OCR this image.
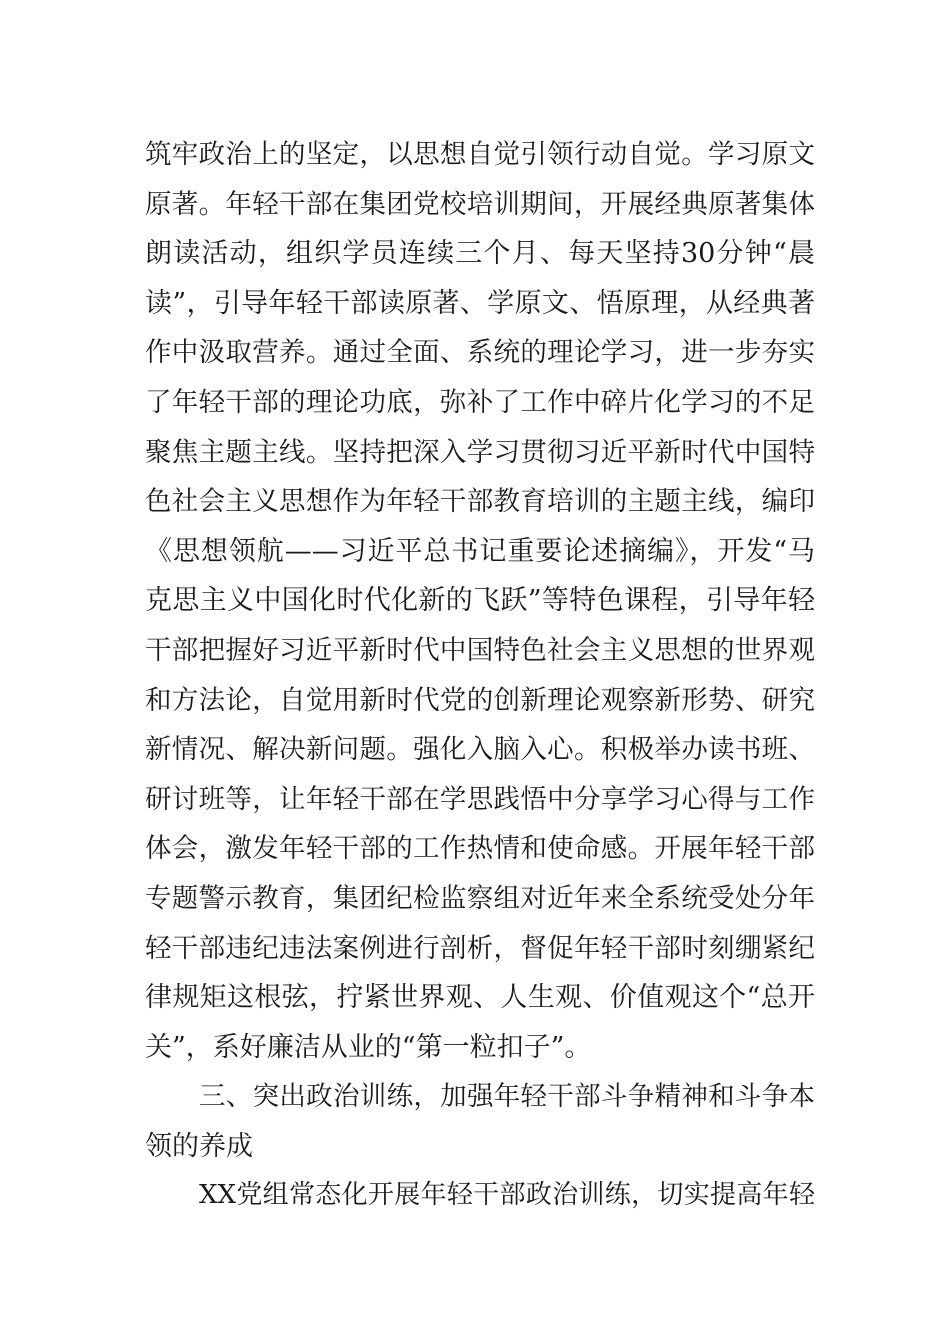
筑牢政治上的坚定，以思想自觉引领行动自觉。学习原文
原著。年轻干部在集团党校培训期间，开展经典原著集体
朗读活动，组织学员连续三个月、每天坚持30分钟“晨
读”，引导年轻干部读原著、学原文、悟原理，从经典著
作中汲取营养。通过全面、系统的理论学习，进一步夯实
了年轻干部的理论功底，弥补了工作中碎片化学习的不足
聚焦主题主线。坚持把深入学习贯彻习近平新时代中国特
色社会主义思想作为年轻干部教育培训的主题主线，编印
《思想领航——习近平总书记重要论述摘编》，开发“马
克思主义中国化时代化新的飞跃”等特色课程，引导年轻
干部把握好习近平新时代中国特色社会主义思想的世界观
和方法论，自觉用新时代党的创新理论观察新形势、研究
新情况、解决新问题。强化入脑入心。积极举办读书班、
研讨班等，让年轻干部在学思践悟中分享学习心得与工作
体会，激发年轻干部的工作热情和使命感。开展年轻干部
专题警示教育，集团纪检监察组对近年来全系统受处分年
轻干部违纪违法案例进行剖析，督促年轻干部时刻绷紧纪
律规矩这根弦，拧紧世界观、人生观、价值观这个“总开
关”，系好廉洁从业的“第一粒扣子”。
三、突出政治训练，加强年轻干部斗争精神和斗争本
领的养成
XX党组常态化开展年轻干部政治训练，切实提高年轻
